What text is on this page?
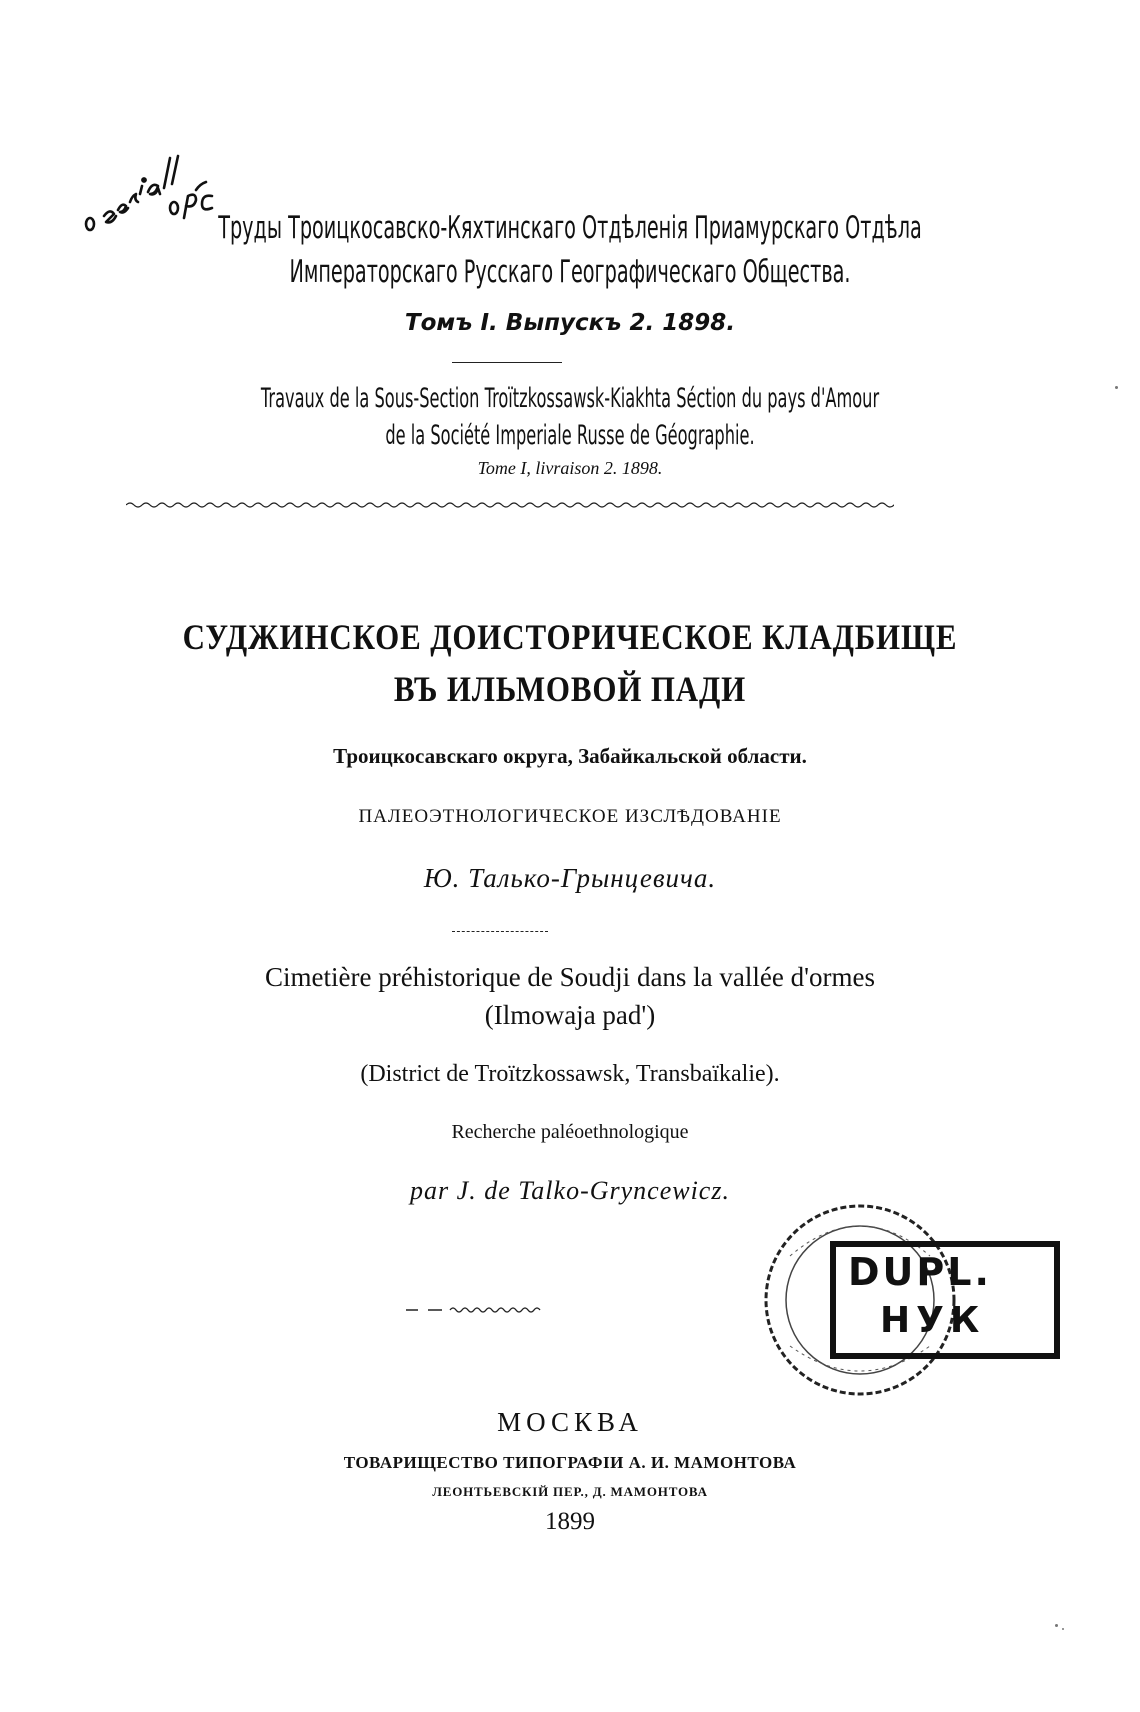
Труды Троицкосавско-Кяхтинскаго Отдѣленія Приамурскаго Отдѣла
Императорскаго Русскаго Географическаго Общества.
Томъ I. Выпускъ 2. 1898.
Travaux de la Sous-Section Troïtzkossawsk-Kiakhta Séction du pays d'Amour
de la Société Imperiale Russe de Géographie.
Tome I, livraison 2. 1898.
СУДЖИНСКОЕ ДОИСТОРИЧЕСКОЕ КЛАДБИЩЕ
ВЪ ИЛЬМОВОЙ ПАДИ
Троицкосавскаго округа, Забайкальской области.
ПАЛЕОЭТНОЛОГИЧЕСКОЕ ИЗСЛѢДОВАНІЕ
Ю. Талько-Грынцевича.
Cimetière préhistorique de Soudji dans la vallée d'ormes
(Ilmowaja pad')
(District de Troïtzkossawsk, Transbaïkalie).
Recherche paléoethnologique
par J. de Talko-Gryncewicz.
DUPL.
НУК
МОСКВА
ТОВАРИЩЕСТВО ТИПОГРАФІИ А. И. МАМОНТОВА
ЛЕОНТЬЕВСКІЙ ПЕР., Д. МАМОНТОВА
1899
